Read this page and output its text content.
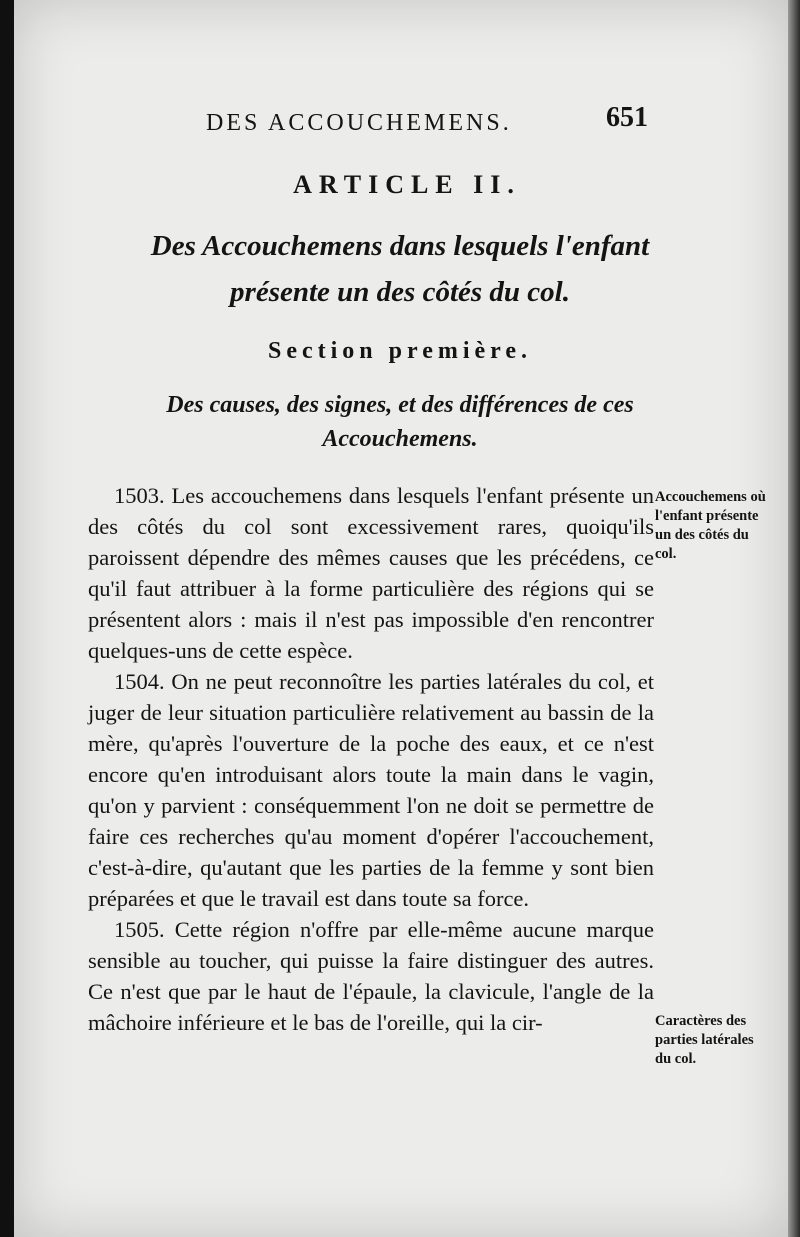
DES ACCOUCHEMENS.	651
ARTICLE II.
Des Accouchemens dans lesquels l'enfant
présente un des côtés du col.
Section première.
Des causes, des signes, et des différences de ces
Accouchemens.

1503. Les accouchemens dans lesquels l'enfant présente un des côtés du col sont excessivement rares, quoiqu'ils paroissent dépendre des mêmes causes que les précédens, ce qu'il faut attribuer à la forme particulière des régions qui se présentent alors : mais il n'est pas impossible d'en rencontrer quelques-uns de cette espèce.

1504. On ne peut reconnoître les parties latérales du col, et juger de leur situation particulière relativement au bassin de la mère, qu'après l'ouverture de la poche des eaux, et ce n'est encore qu'en introduisant alors toute la main dans le vagin, qu'on y parvient : conséquemment l'on ne doit se permettre de faire ces recherches qu'au moment d'opérer l'accouchement, c'est-à-dire, qu'autant que les parties de la femme y sont bien préparées et que le travail est dans toute sa force.

1505. Cette région n'offre par elle-même aucune marque sensible au toucher, qui puisse la faire distinguer des autres. Ce n'est que par le haut de l'épaule, la clavicule, l'angle de la mâchoire inférieure et le bas de l'oreille, qui la cir-

Accouchemens où l'enfant présente un des côtés du col.
Caractères des parties latérales du col.
